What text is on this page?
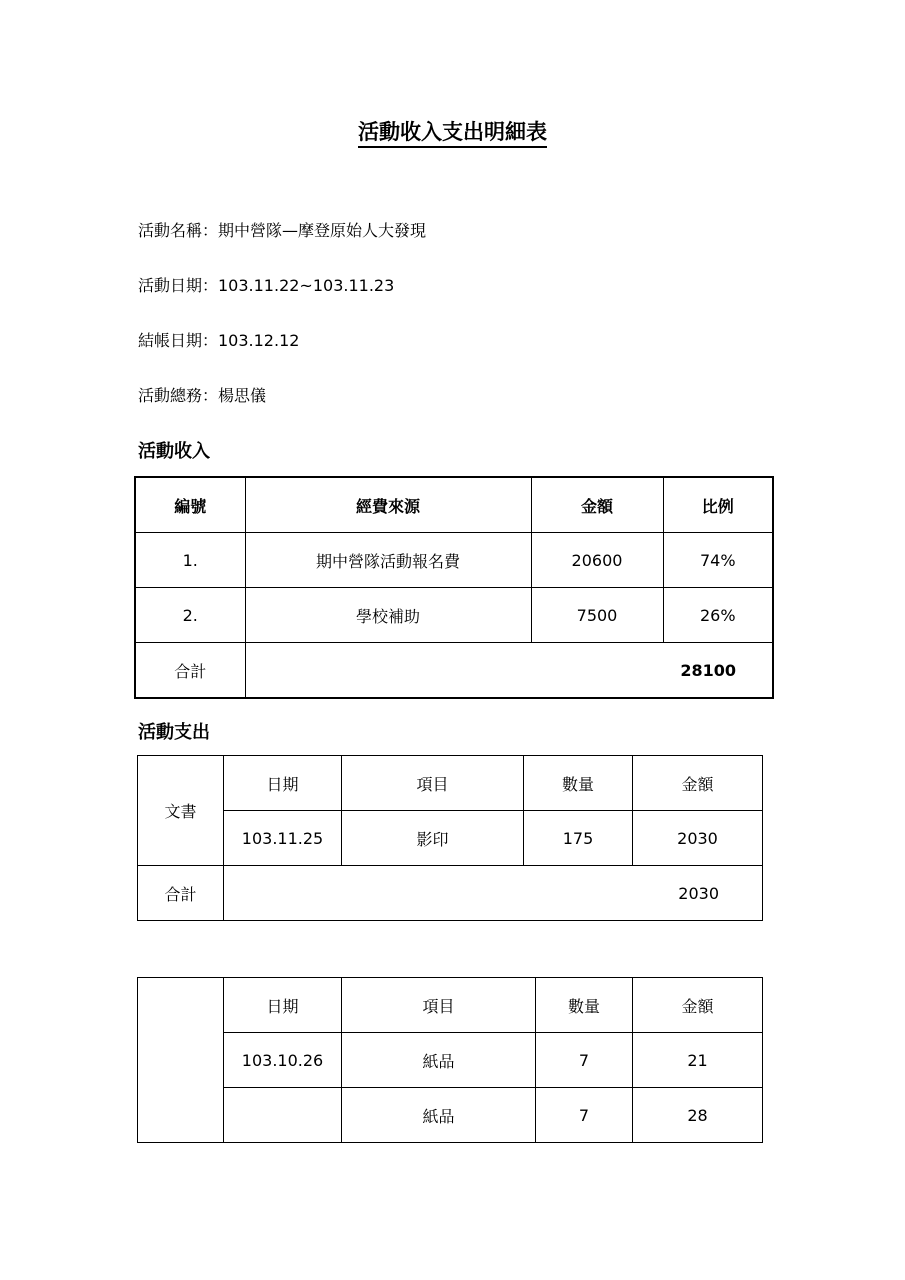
活動收入支出明細表
活動名稱：期中營隊—摩登原始人大發現
活動日期：103.11.22~103.11.23
結帳日期：103.12.12
活動總務：楊思儀
活動收入
編號	經費來源	金額	比例
1.	期中營隊活動報名費	20600	74%
2.	學校補助	7500	26%
合計	28100		
活動支出
文書	日期	項目	數量	金額
	103.11.25	影印	175	2030
合計	2030			
	日期	項目	數量	金額
	103.10.26	紙品	7	21
		紙品	7	28
